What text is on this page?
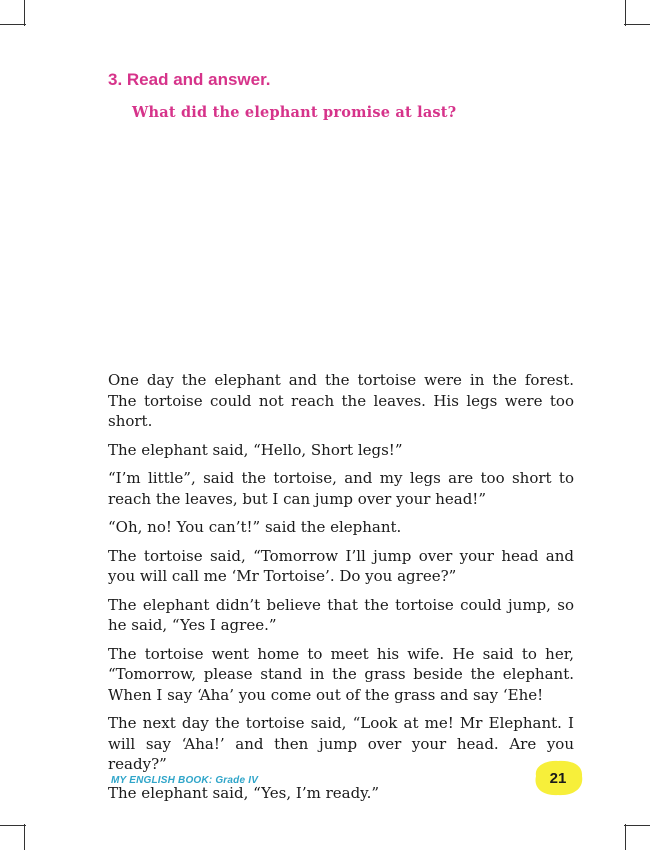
3. Read and answer.

What did the elephant promise at last?

One day the elephant and the tortoise were in the forest. The tortoise could not reach the leaves. His legs were too short.

The elephant said, “Hello, Short legs!”

“I’m little”, said the tortoise, and my legs are too short to reach the leaves, but I can jump over your head!”

“Oh, no! You can’t!” said the elephant.

The tortoise said, “Tomorrow I’ll jump over your head and you will call me ‘Mr Tortoise’. Do you agree?”

The elephant didn’t believe that the tortoise could jump, so he said, “Yes I agree.”

The tortoise went home to meet his wife. He said to her, “Tomorrow, please stand in the grass beside the elephant. When I say ‘Aha’ you come out of the grass and say ‘Ehe!

The next day the tortoise said, “Look at me! Mr Elephant. I will say ‘Aha!’ and then jump over your head. Are you ready?”

The elephant said, “Yes, I’m ready.”

MY ENGLISH BOOK: Grade IV	21
